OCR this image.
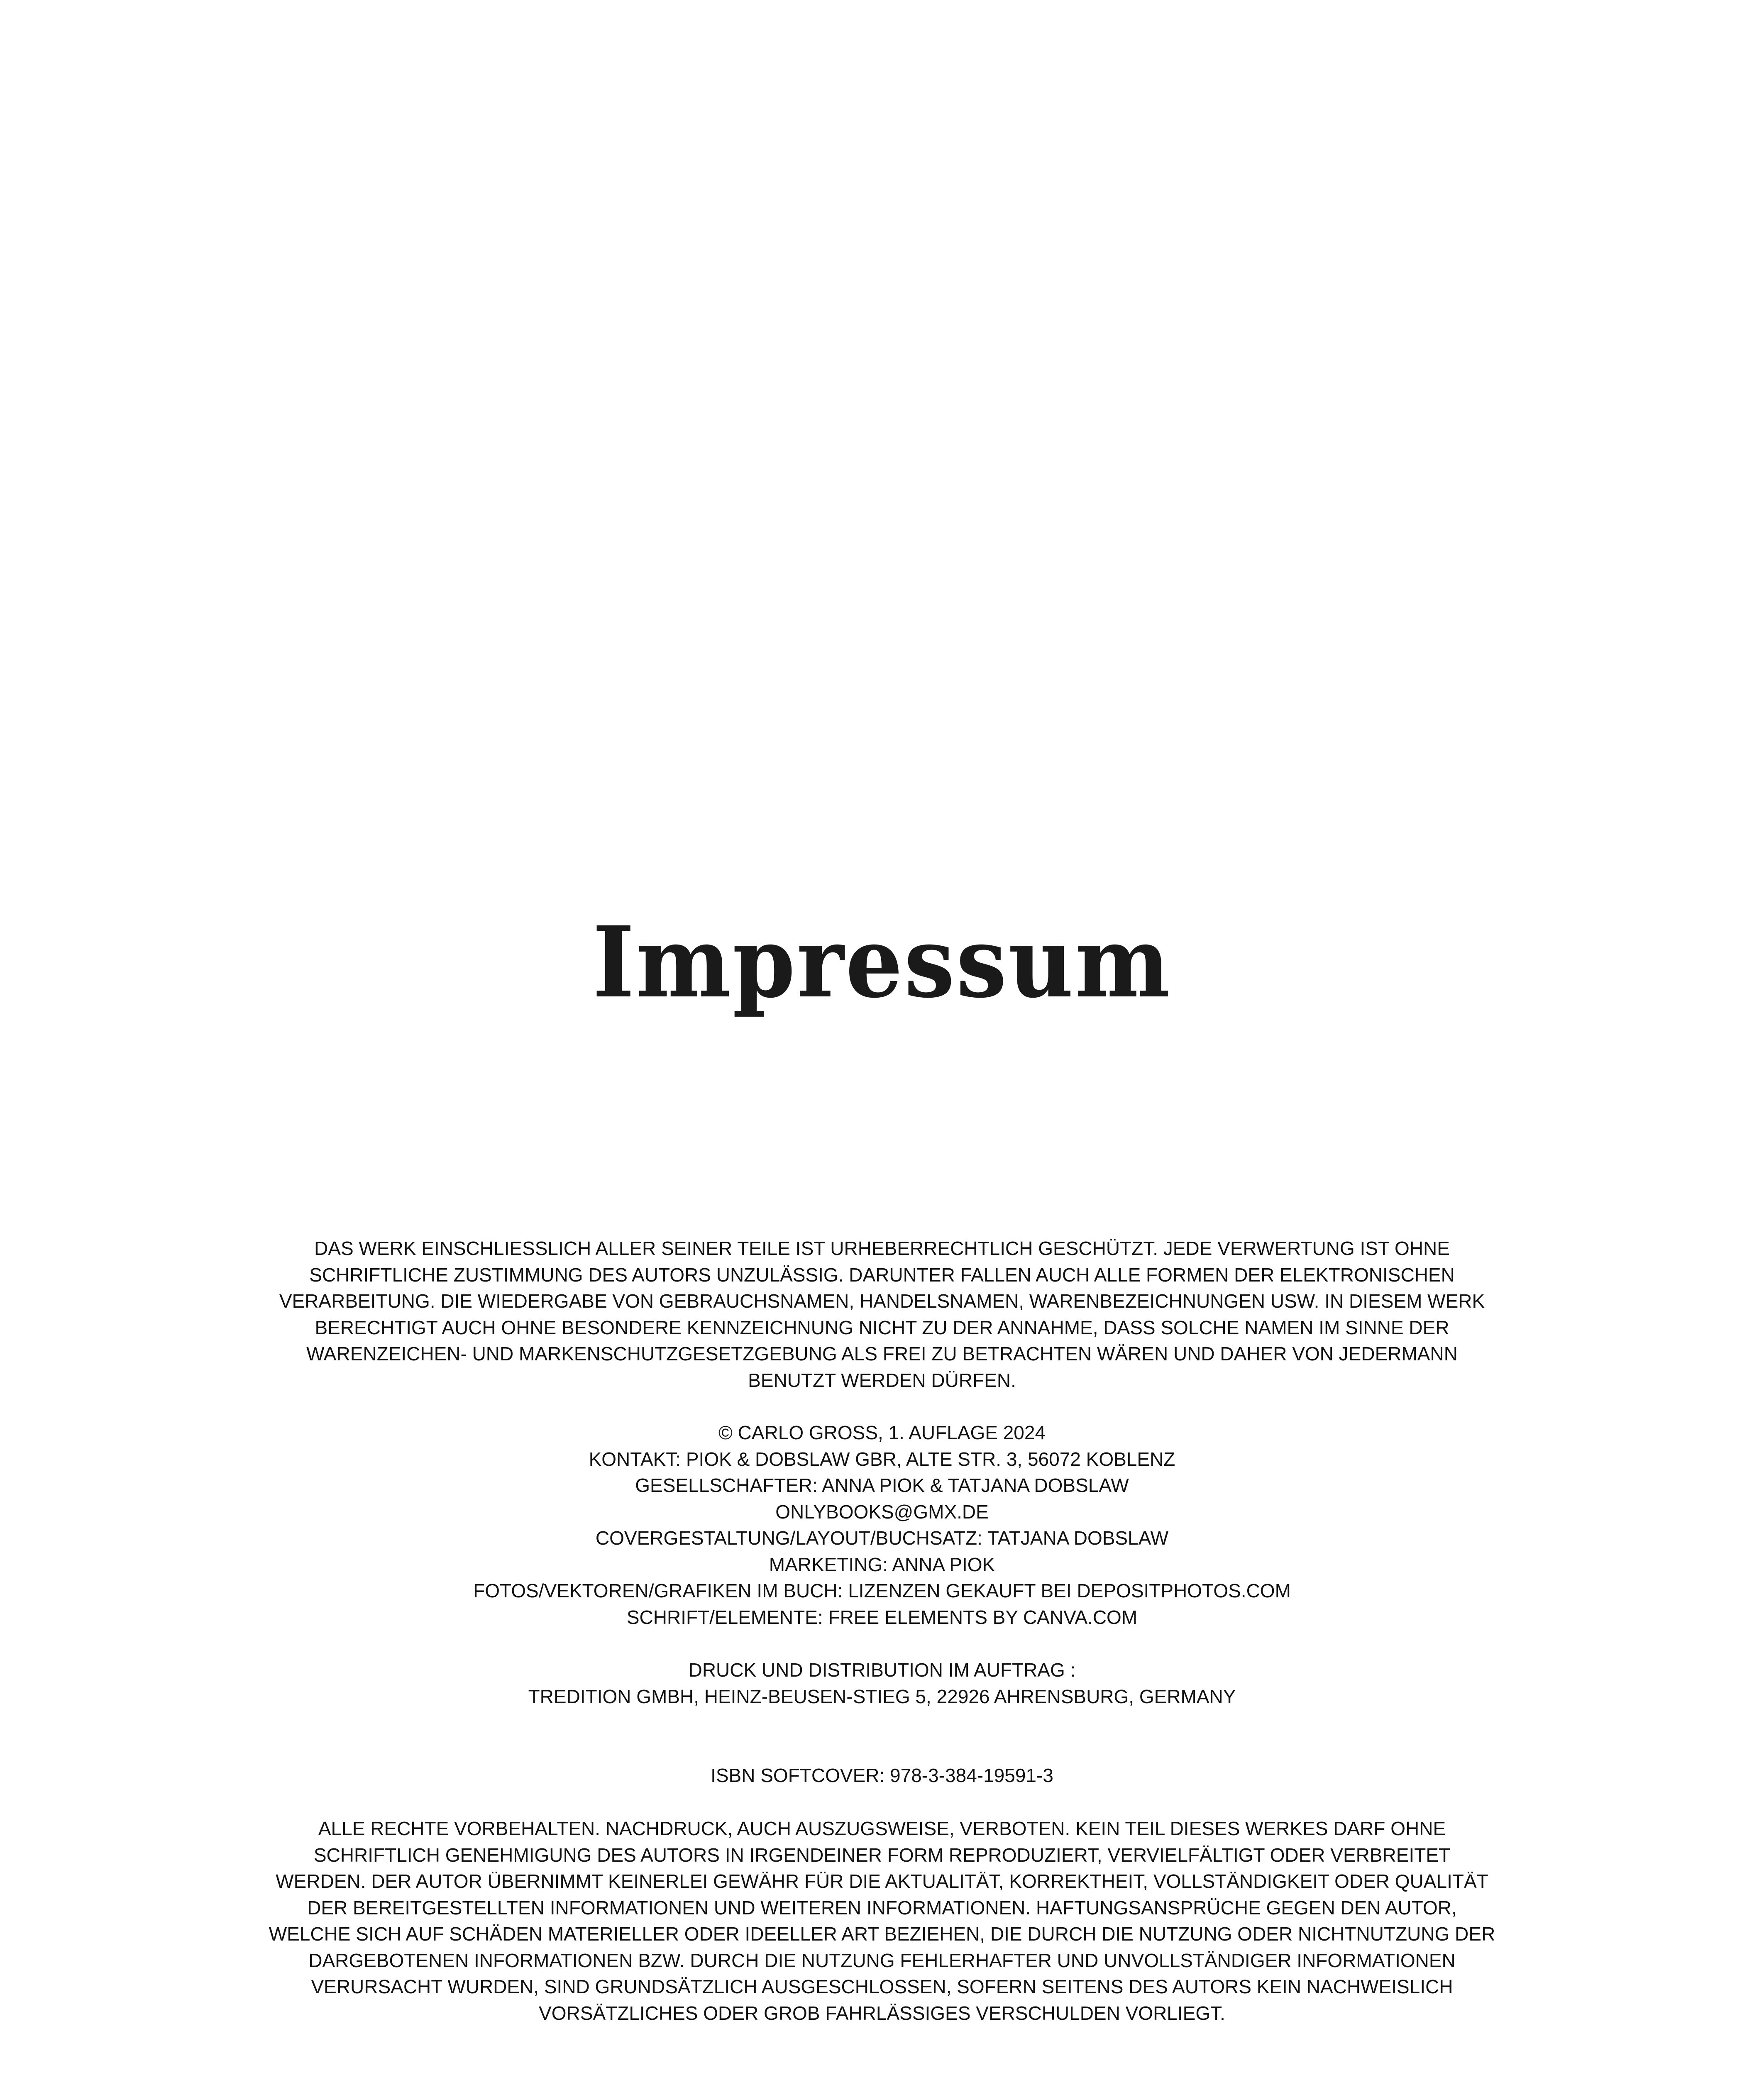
Impressum
DAS WERK EINSCHLIESSLICH ALLER SEINER TEILE IST URHEBERRECHTLICH GESCHÜTZT. JEDE VERWERTUNG IST OHNE
SCHRIFTLICHE ZUSTIMMUNG DES AUTORS UNZULÄSSIG. DARUNTER FALLEN AUCH ALLE FORMEN DER ELEKTRONISCHEN
VERARBEITUNG. DIE WIEDERGABE VON GEBRAUCHSNAMEN, HANDELSNAMEN, WARENBEZEICHNUNGEN USW. IN DIESEM WERK
BERECHTIGT AUCH OHNE BESONDERE KENNZEICHNUNG NICHT ZU DER ANNAHME, DASS SOLCHE NAMEN IM SINNE DER
WARENZEICHEN- UND MARKENSCHUTZGESETZGEBUNG ALS FREI ZU BETRACHTEN WÄREN UND DAHER VON JEDERMANN
BENUTZT WERDEN DÜRFEN.
© CARLO GROSS, 1. AUFLAGE 2024
KONTAKT: PIOK & DOBSLAW GBR, ALTE STR. 3, 56072 KOBLENZ
GESELLSCHAFTER: ANNA PIOK & TATJANA DOBSLAW
ONLYBOOKS@GMX.DE
COVERGESTALTUNG/LAYOUT/BUCHSATZ: TATJANA DOBSLAW
MARKETING: ANNA PIOK
FOTOS/VEKTOREN/GRAFIKEN IM BUCH: LIZENZEN GEKAUFT BEI DEPOSITPHOTOS.COM
SCHRIFT/ELEMENTE: FREE ELEMENTS BY CANVA.COM
DRUCK UND DISTRIBUTION IM AUFTRAG :
TREDITION GMBH, HEINZ-BEUSEN-STIEG 5, 22926 AHRENSBURG, GERMANY
ISBN SOFTCOVER: 978-3-384-19591-3
ALLE RECHTE VORBEHALTEN. NACHDRUCK, AUCH AUSZUGSWEISE, VERBOTEN. KEIN TEIL DIESES WERKES DARF OHNE
SCHRIFTLICH GENEHMIGUNG DES AUTORS IN IRGENDEINER FORM REPRODUZIERT, VERVIELFÄLTIGT ODER VERBREITET
WERDEN. DER AUTOR ÜBERNIMMT KEINERLEI GEWÄHR FÜR DIE AKTUALITÄT, KORREKTHEIT, VOLLSTÄNDIGKEIT ODER QUALITÄT
DER BEREITGESTELLTEN INFORMATIONEN UND WEITEREN INFORMATIONEN. HAFTUNGSANSPRÜCHE GEGEN DEN AUTOR,
WELCHE SICH AUF SCHÄDEN MATERIELLER ODER IDEELLER ART BEZIEHEN, DIE DURCH DIE NUTZUNG ODER NICHTNUTZUNG DER
DARGEBOTENEN INFORMATIONEN BZW. DURCH DIE NUTZUNG FEHLERHAFTER UND UNVOLLSTÄNDIGER INFORMATIONEN
VERURSACHT WURDEN, SIND GRUNDSÄTZLICH AUSGESCHLOSSEN, SOFERN SEITENS DES AUTORS KEIN NACHWEISLICH
VORSÄTZLICHES ODER GROB FAHRLÄSSIGES VERSCHULDEN VORLIEGT.
